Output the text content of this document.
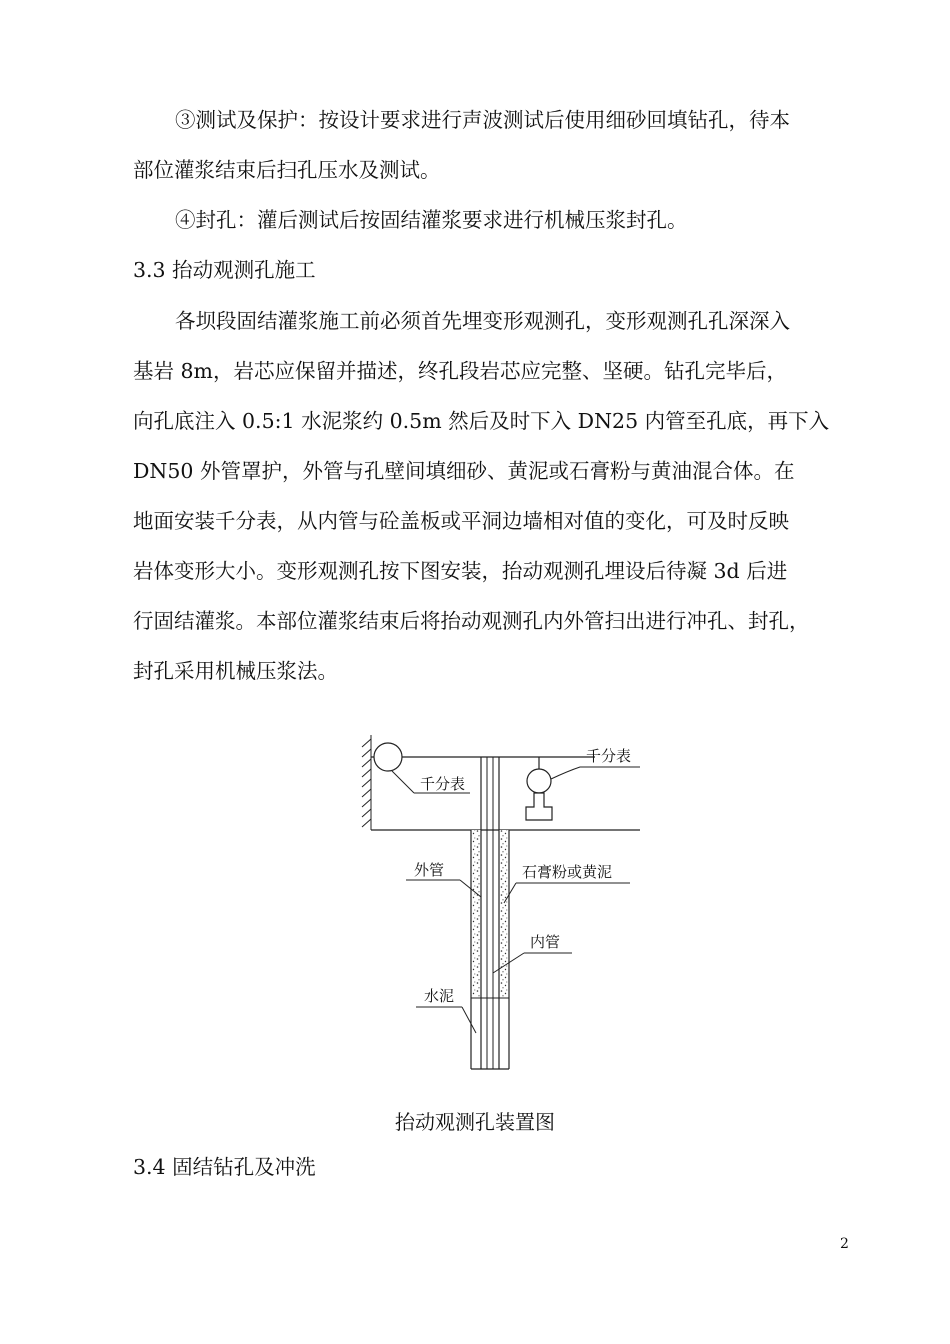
③测试及保护：按设计要求进行声波测试后使用细砂回填钻孔，待本
部位灌浆结束后扫孔压水及测试。
④封孔：灌后测试后按固结灌浆要求进行机械压浆封孔。
3.3 抬动观测孔施工
各坝段固结灌浆施工前必须首先埋变形观测孔，变形观测孔孔深深入
基岩 8m，岩芯应保留并描述，终孔段岩芯应完整、坚硬。钻孔完毕后，
向孔底注入 0.5:1 水泥浆约 0.5m 然后及时下入 DN25 内管至孔底，再下入
DN50 外管罩护，外管与孔壁间填细砂、黄泥或石膏粉与黄油混合体。在
地面安装千分表，从内管与砼盖板或平洞边墙相对值的变化，可及时反映
岩体变形大小。变形观测孔按下图安装，抬动观测孔埋设后待凝 3d 后进
行固结灌浆。本部位灌浆结束后将抬动观测孔内外管扫出进行冲孔、封孔，
封孔采用机械压浆法。
千分表
千分表
外管	石膏粉或黄泥
内管
水泥
抬动观测孔装置图
3.4 固结钻孔及冲洗
2
